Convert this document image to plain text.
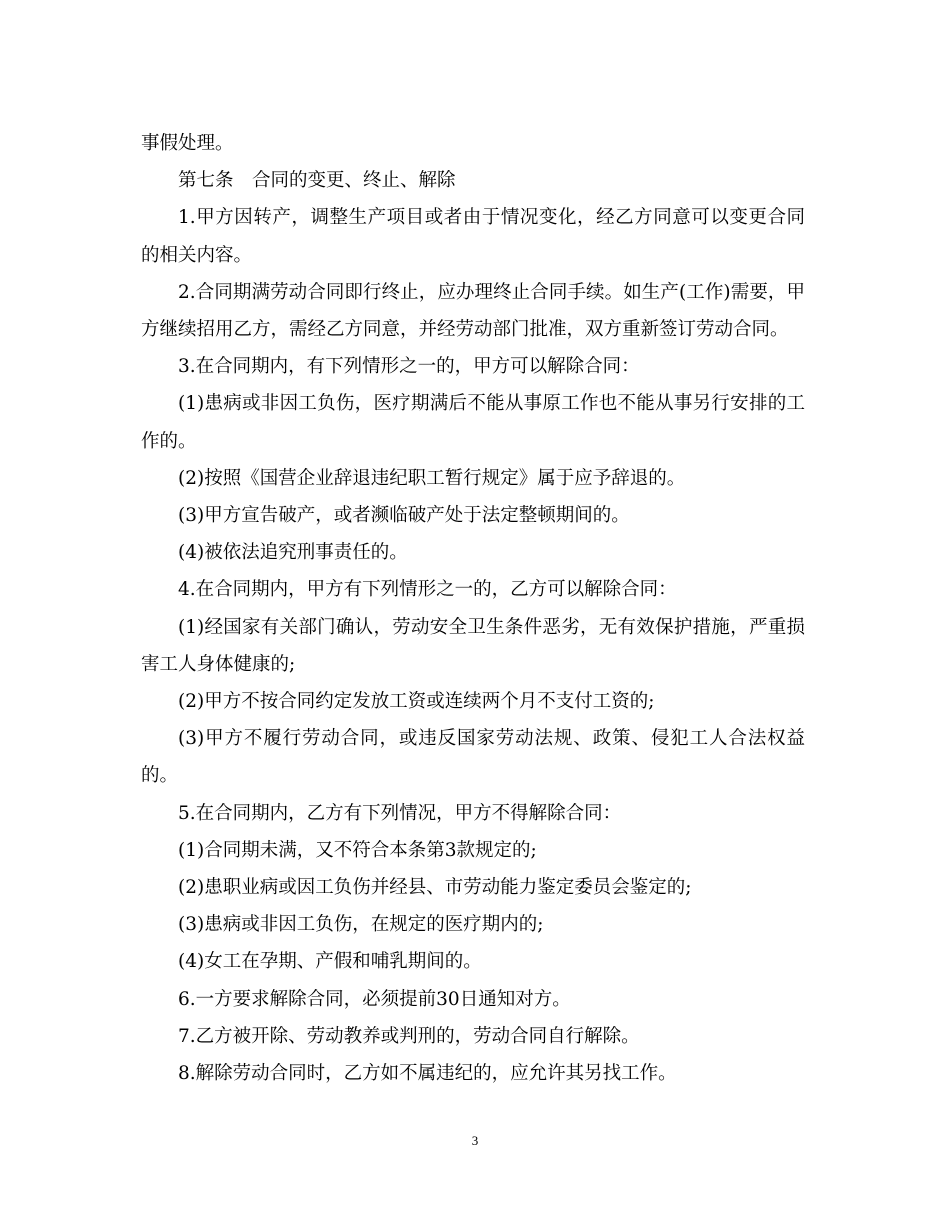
事假处理。

第七条　合同的变更、终止、解除

1.甲方因转产，调整生产项目或者由于情况变化，经乙方同意可以变更合同的相关内容。

2.合同期满劳动合同即行终止，应办理终止合同手续。如生产(工作)需要，甲方继续招用乙方，需经乙方同意，并经劳动部门批准，双方重新签订劳动合同。

3.在合同期内，有下列情形之一的，甲方可以解除合同：

(1)患病或非因工负伤，医疗期满后不能从事原工作也不能从事另行安排的工作的。

(2)按照《国营企业辞退违纪职工暂行规定》属于应予辞退的。

(3)甲方宣告破产，或者濒临破产处于法定整顿期间的。

(4)被依法追究刑事责任的。

4.在合同期内，甲方有下列情形之一的，乙方可以解除合同：

(1)经国家有关部门确认，劳动安全卫生条件恶劣，无有效保护措施，严重损害工人身体健康的;

(2)甲方不按合同约定发放工资或连续两个月不支付工资的;

(3)甲方不履行劳动合同，或违反国家劳动法规、政策、侵犯工人合法权益的。

5.在合同期内，乙方有下列情况，甲方不得解除合同：

(1)合同期未满，又不符合本条第3款规定的;

(2)患职业病或因工负伤并经县、市劳动能力鉴定委员会鉴定的;

(3)患病或非因工负伤，在规定的医疗期内的;

(4)女工在孕期、产假和哺乳期间的。

6.一方要求解除合同，必须提前30日通知对方。

7.乙方被开除、劳动教养或判刑的，劳动合同自行解除。

8.解除劳动合同时，乙方如不属违纪的，应允许其另找工作。

3
